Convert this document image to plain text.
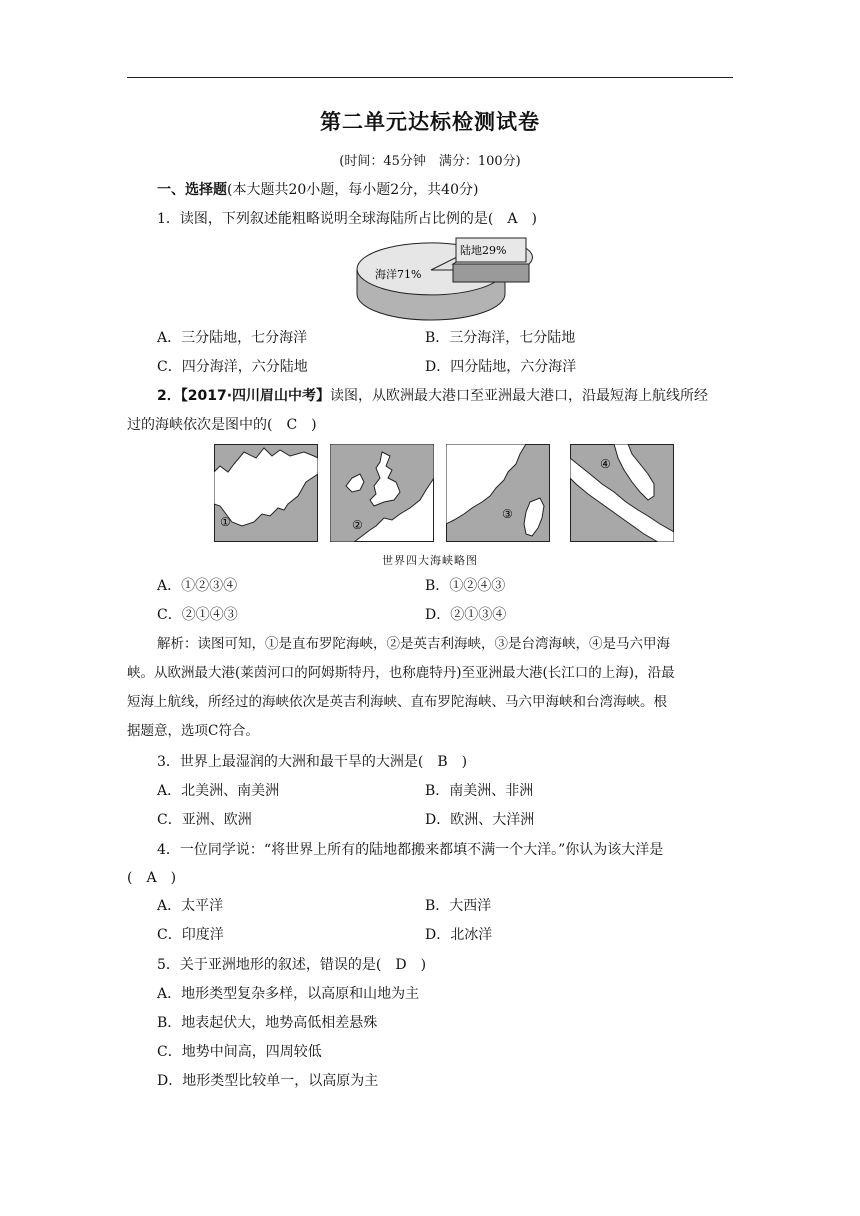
第二单元达标检测试卷
(时间：45分钟　满分：100分)
一、选择题(本大题共20小题，每小题2分，共40分)
1．读图，下列叙述能粗略说明全球海陆所占比例的是(　A　)
海洋71%
陆地29%
A．三分陆地，七分海洋	B．三分海洋，七分陆地
C．四分海洋，六分陆地	D．四分陆地，六分海洋
2．【2017·四川眉山中考】读图，从欧洲最大港口至亚洲最大港口，沿最短海上航线所经
过的海峡依次是图中的(　C　)
①	②
③
④
世界四大海峡略图
A．①②③④	B．①②④③
C．②①④③	D．②①③④
解析：读图可知，①是直布罗陀海峡，②是英吉利海峡，③是台湾海峡，④是马六甲海
峡。从欧洲最大港(莱茵河口的阿姆斯特丹，也称鹿特丹)至亚洲最大港(长江口的上海)，沿最
短海上航线，所经过的海峡依次是英吉利海峡、直布罗陀海峡、马六甲海峡和台湾海峡。根
据题意，选项C符合。
3．世界上最湿润的大洲和最干旱的大洲是(　B　)
A．北美洲、南美洲	B．南美洲、非洲
C．亚洲、欧洲	D．欧洲、大洋洲
4．一位同学说：“将世界上所有的陆地都搬来都填不满一个大洋。”你认为该大洋是
(　A　)
A．太平洋	B．大西洋
C．印度洋	D．北冰洋
5．关于亚洲地形的叙述，错误的是(　D　)
A．地形类型复杂多样，以高原和山地为主
B．地表起伏大，地势高低相差悬殊
C．地势中间高，四周较低
D．地形类型比较单一，以高原为主
